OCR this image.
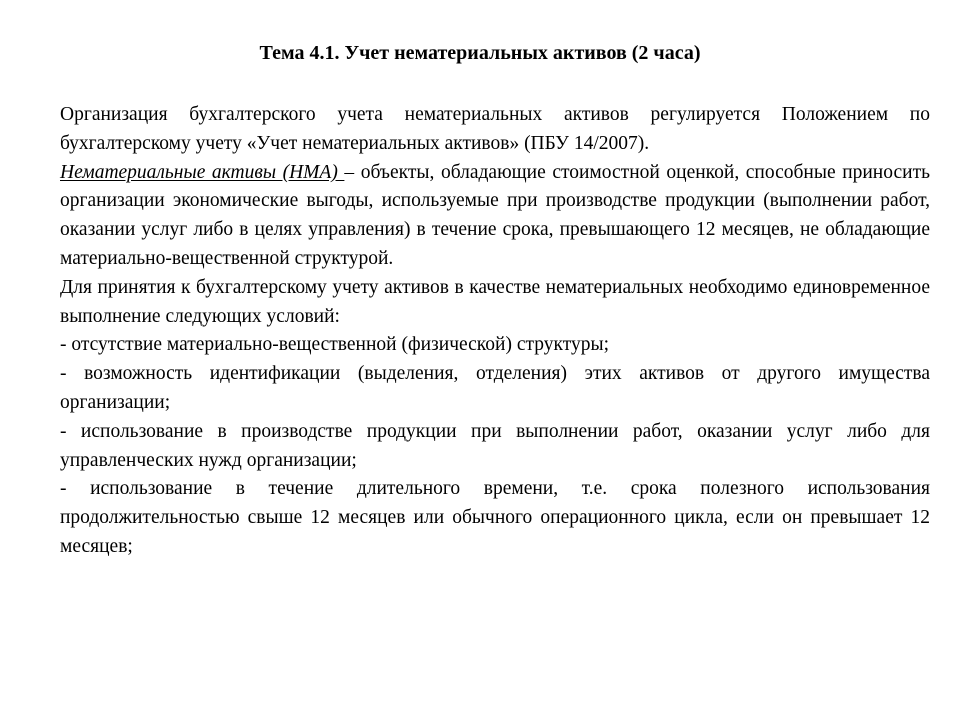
Тема 4.1. Учет нематериальных активов (2 часа)

Организация бухгалтерского учета нематериальных активов регулируется Положением по бухгалтерскому учету «Учет нематериальных активов» (ПБУ 14/2007).

Нематериальные активы (НМА) – объекты, обладающие стоимостной оценкой, способные приносить организации экономические выгоды, используемые при производстве продукции (выполнении работ, оказании услуг либо в целях управления) в течение срока, превышающего 12 месяцев, не обладающие материально-вещественной структурой.

Для принятия к бухгалтерскому учету активов в качестве нематериальных необходимо единовременное выполнение следующих условий:

- отсутствие материально-вещественной (физической) структуры;

- возможность идентификации (выделения, отделения) этих активов от другого имущества организации;

- использование в производстве продукции при выполнении работ, оказании услуг либо для управленческих нужд организации;

- использование в течение длительного времени, т.е. срока полезного использования продолжительностью свыше 12 месяцев или обычного операционного цикла, если он превышает 12 месяцев;
